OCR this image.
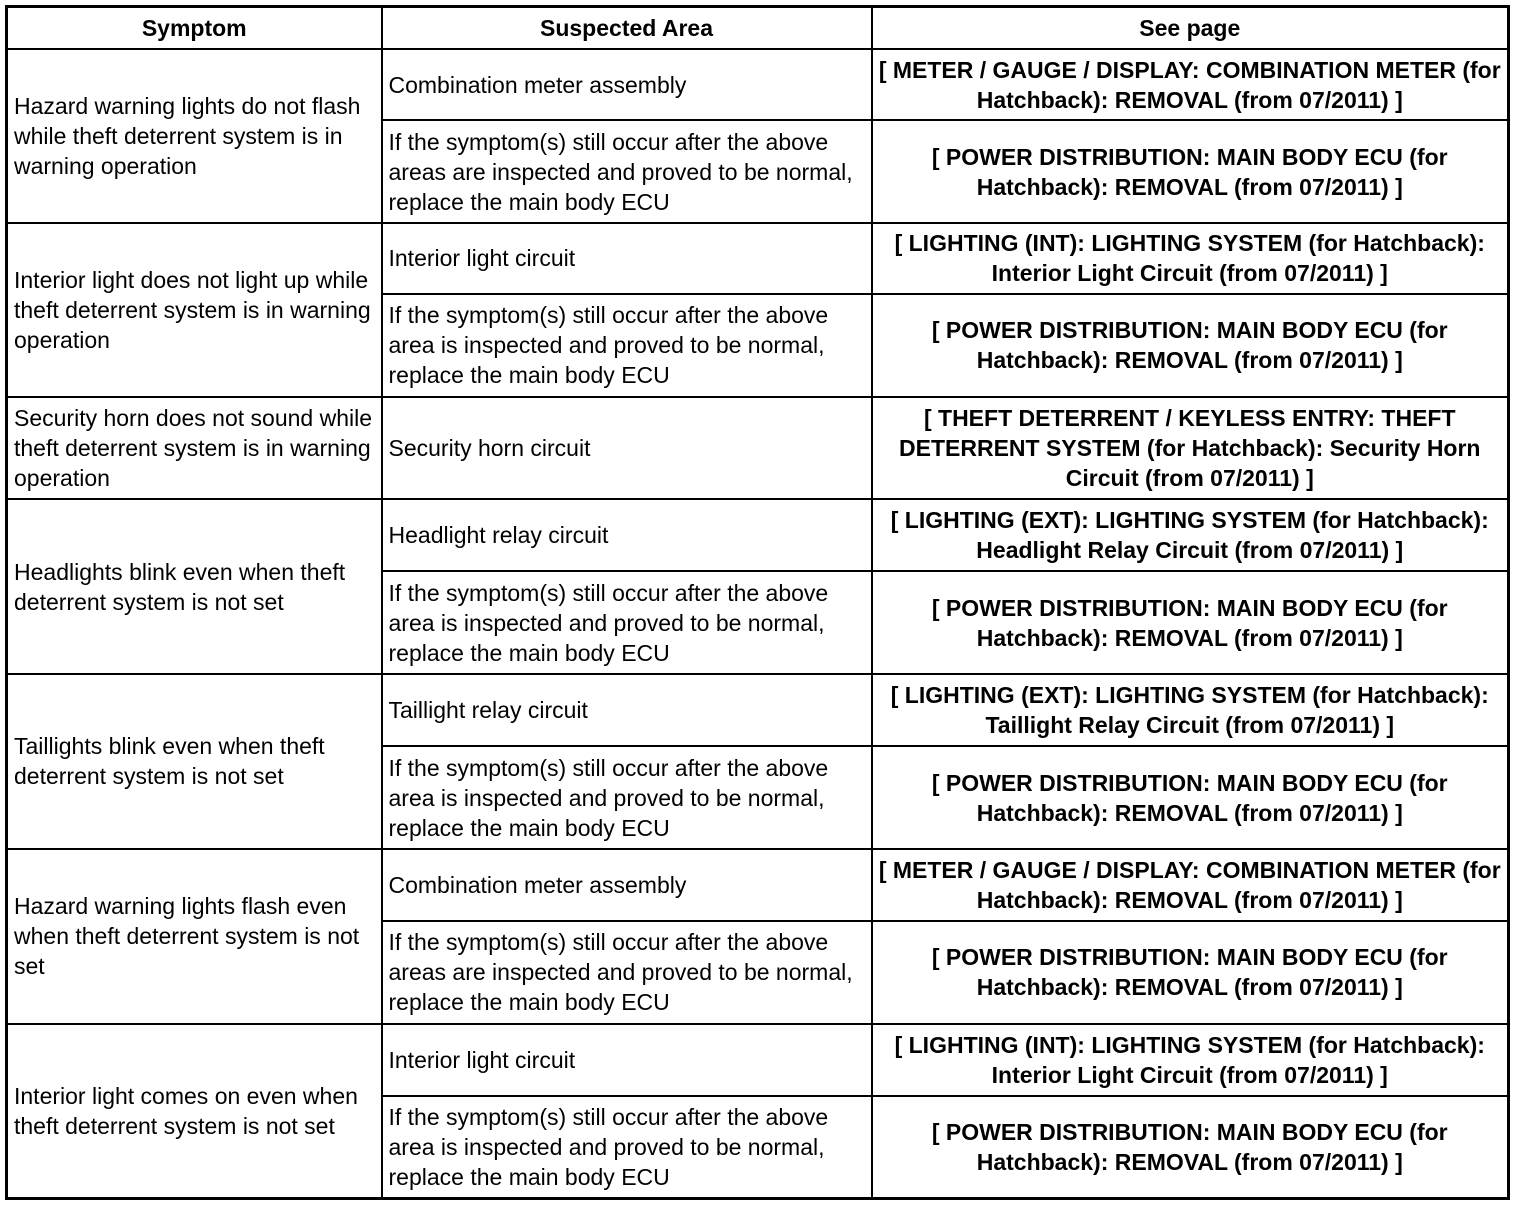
Symptom	Suspected Area	See page
Hazard warning lights do not flash while theft deterrent system is in warning operation	Combination meter assembly	[ METER / GAUGE / DISPLAY: COMBINATION METER (for Hatchback): REMOVAL (from 07/2011) ]
	If the symptom(s) still occur after the above areas are inspected and proved to be normal, replace the main body ECU	[ POWER DISTRIBUTION: MAIN BODY ECU (for Hatchback): REMOVAL (from 07/2011) ]
Interior light does not light up while theft deterrent system is in warning operation	Interior light circuit	[ LIGHTING (INT): LIGHTING SYSTEM (for Hatchback): Interior Light Circuit (from 07/2011) ]
	If the symptom(s) still occur after the above area is inspected and proved to be normal, replace the main body ECU	[ POWER DISTRIBUTION: MAIN BODY ECU (for Hatchback): REMOVAL (from 07/2011) ]
Security horn does not sound while theft deterrent system is in warning operation	Security horn circuit	[ THEFT DETERRENT / KEYLESS ENTRY: THEFT DETERRENT SYSTEM (for Hatchback): Security Horn Circuit (from 07/2011) ]
Headlights blink even when theft deterrent system is not set	Headlight relay circuit	[ LIGHTING (EXT): LIGHTING SYSTEM (for Hatchback): Headlight Relay Circuit (from 07/2011) ]
	If the symptom(s) still occur after the above area is inspected and proved to be normal, replace the main body ECU	[ POWER DISTRIBUTION: MAIN BODY ECU (for Hatchback): REMOVAL (from 07/2011) ]
Taillights blink even when theft deterrent system is not set	Taillight relay circuit	[ LIGHTING (EXT): LIGHTING SYSTEM (for Hatchback): Taillight Relay Circuit (from 07/2011) ]
	If the symptom(s) still occur after the above area is inspected and proved to be normal, replace the main body ECU	[ POWER DISTRIBUTION: MAIN BODY ECU (for Hatchback): REMOVAL (from 07/2011) ]
Hazard warning lights flash even when theft deterrent system is not set	Combination meter assembly	[ METER / GAUGE / DISPLAY: COMBINATION METER (for Hatchback): REMOVAL (from 07/2011) ]
	If the symptom(s) still occur after the above areas are inspected and proved to be normal, replace the main body ECU	[ POWER DISTRIBUTION: MAIN BODY ECU (for Hatchback): REMOVAL (from 07/2011) ]
Interior light comes on even when theft deterrent system is not set	Interior light circuit	[ LIGHTING (INT): LIGHTING SYSTEM (for Hatchback): Interior Light Circuit (from 07/2011) ]
	If the symptom(s) still occur after the above area is inspected and proved to be normal, replace the main body ECU	[ POWER DISTRIBUTION: MAIN BODY ECU (for Hatchback): REMOVAL (from 07/2011) ]
